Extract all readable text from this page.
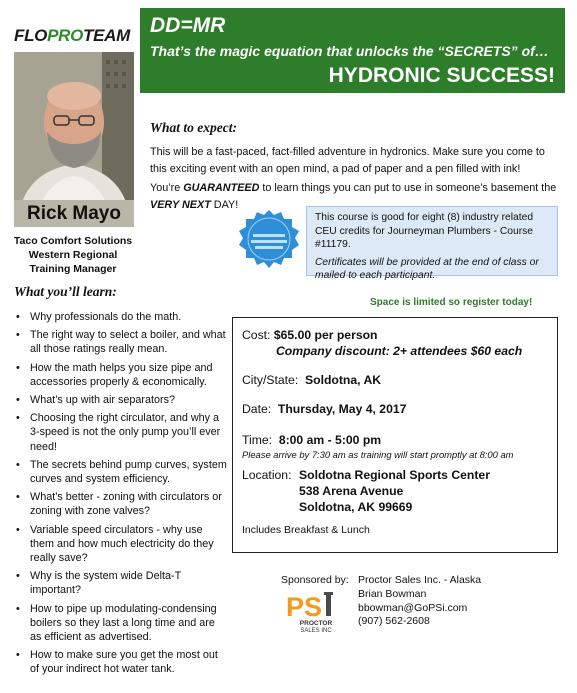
FLOPROTEAM DD=MR
That’s the magic equation that unlocks the “SECRETS” of…
HYDRONIC SUCCESS!
Rick Mayo
Taco Comfort Solutions
Western Regional
Training Manager
What you’ll learn:
• Why professionals do the math.
• The right way to select a boiler, and what all those ratings really mean.
• How the math helps you size pipe and accessories properly & economically.
• What’s up with air separators?
• Choosing the right circulator, and why a 3-speed is not the only pump you’ll ever need!
• The secrets behind pump curves, system curves and system efficiency.
• What’s better - zoning with circulators or zoning with zone valves?
• Variable speed circulators - why use them and how much electricity do they really save?
• Why is the system wide Delta-T important?
• How to pipe up modulating-condensing boilers so they last a long time and are as efficient as advertised.
• How to make sure you get the most out of your indirect hot water tank.
What to expect:

This will be a fast-paced, fact-filled adventure in hydronics. Make sure you come to this exciting event with an open mind, a pad of paper and a pen filled with ink!

You’re GUARANTEED to learn things you can put to use in someone’s basement the VERY NEXT DAY!

This course is good for eight (8) industry related CEU credits for Journeyman Plumbers - Course #11179.
Certificates will be provided at the end of class or mailed to each participant.
Space is limited so register today!
Cost: $65.00 per person
Company discount: 2+ attendees $60 each
City/State: Soldotna, AK
Date: Thursday, May 4, 2017
Time: 8:00 am - 5:00 pm
Please arrive by 7:30 am as training will start promptly at 8:00 am
Location: Soldotna Regional Sports Center
538 Arena Avenue
Soldotna, AK 99669
Includes Breakfast & Lunch
Sponsored by: Proctor Sales Inc. - Alaska
Brian Bowman
bbowman@GoPSi.com
(907) 562-2608
PS
PROCTOR
SALES INC
